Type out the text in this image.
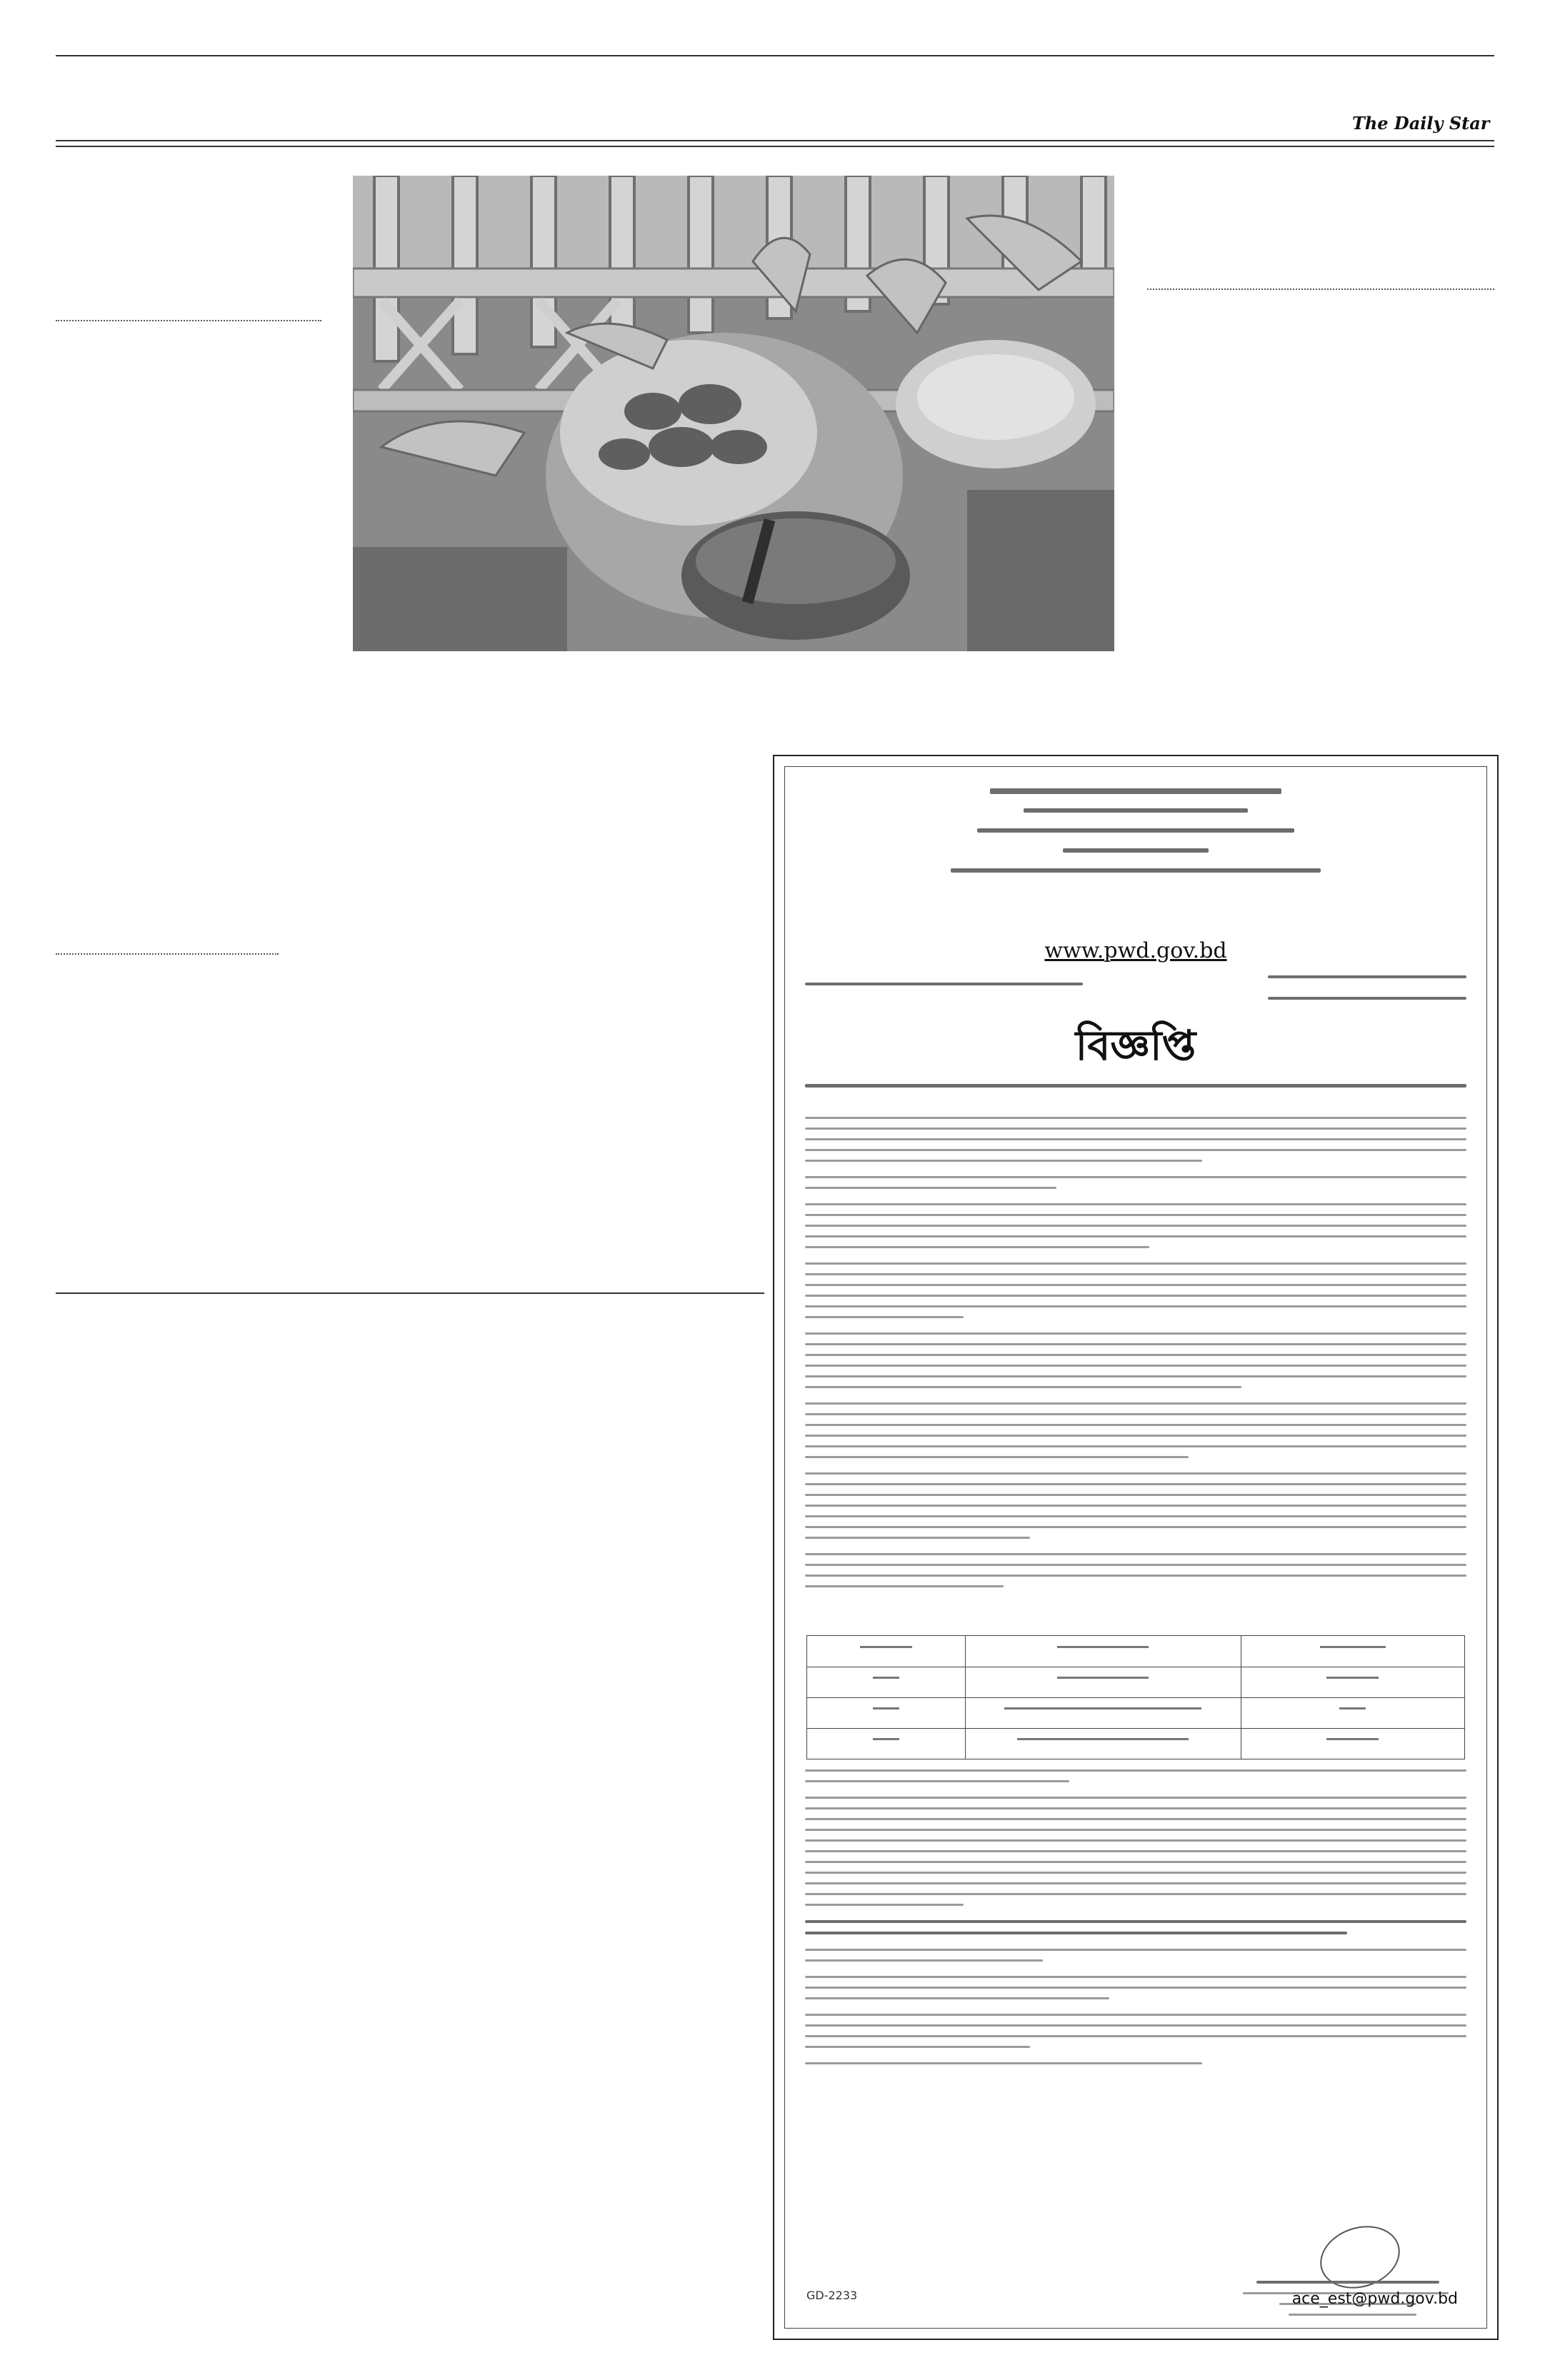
The Daily Star
www.pwd.gov.bd
বিজ্ঞপ্তি
GD-2233	ace_est@pwd.gov.bd
